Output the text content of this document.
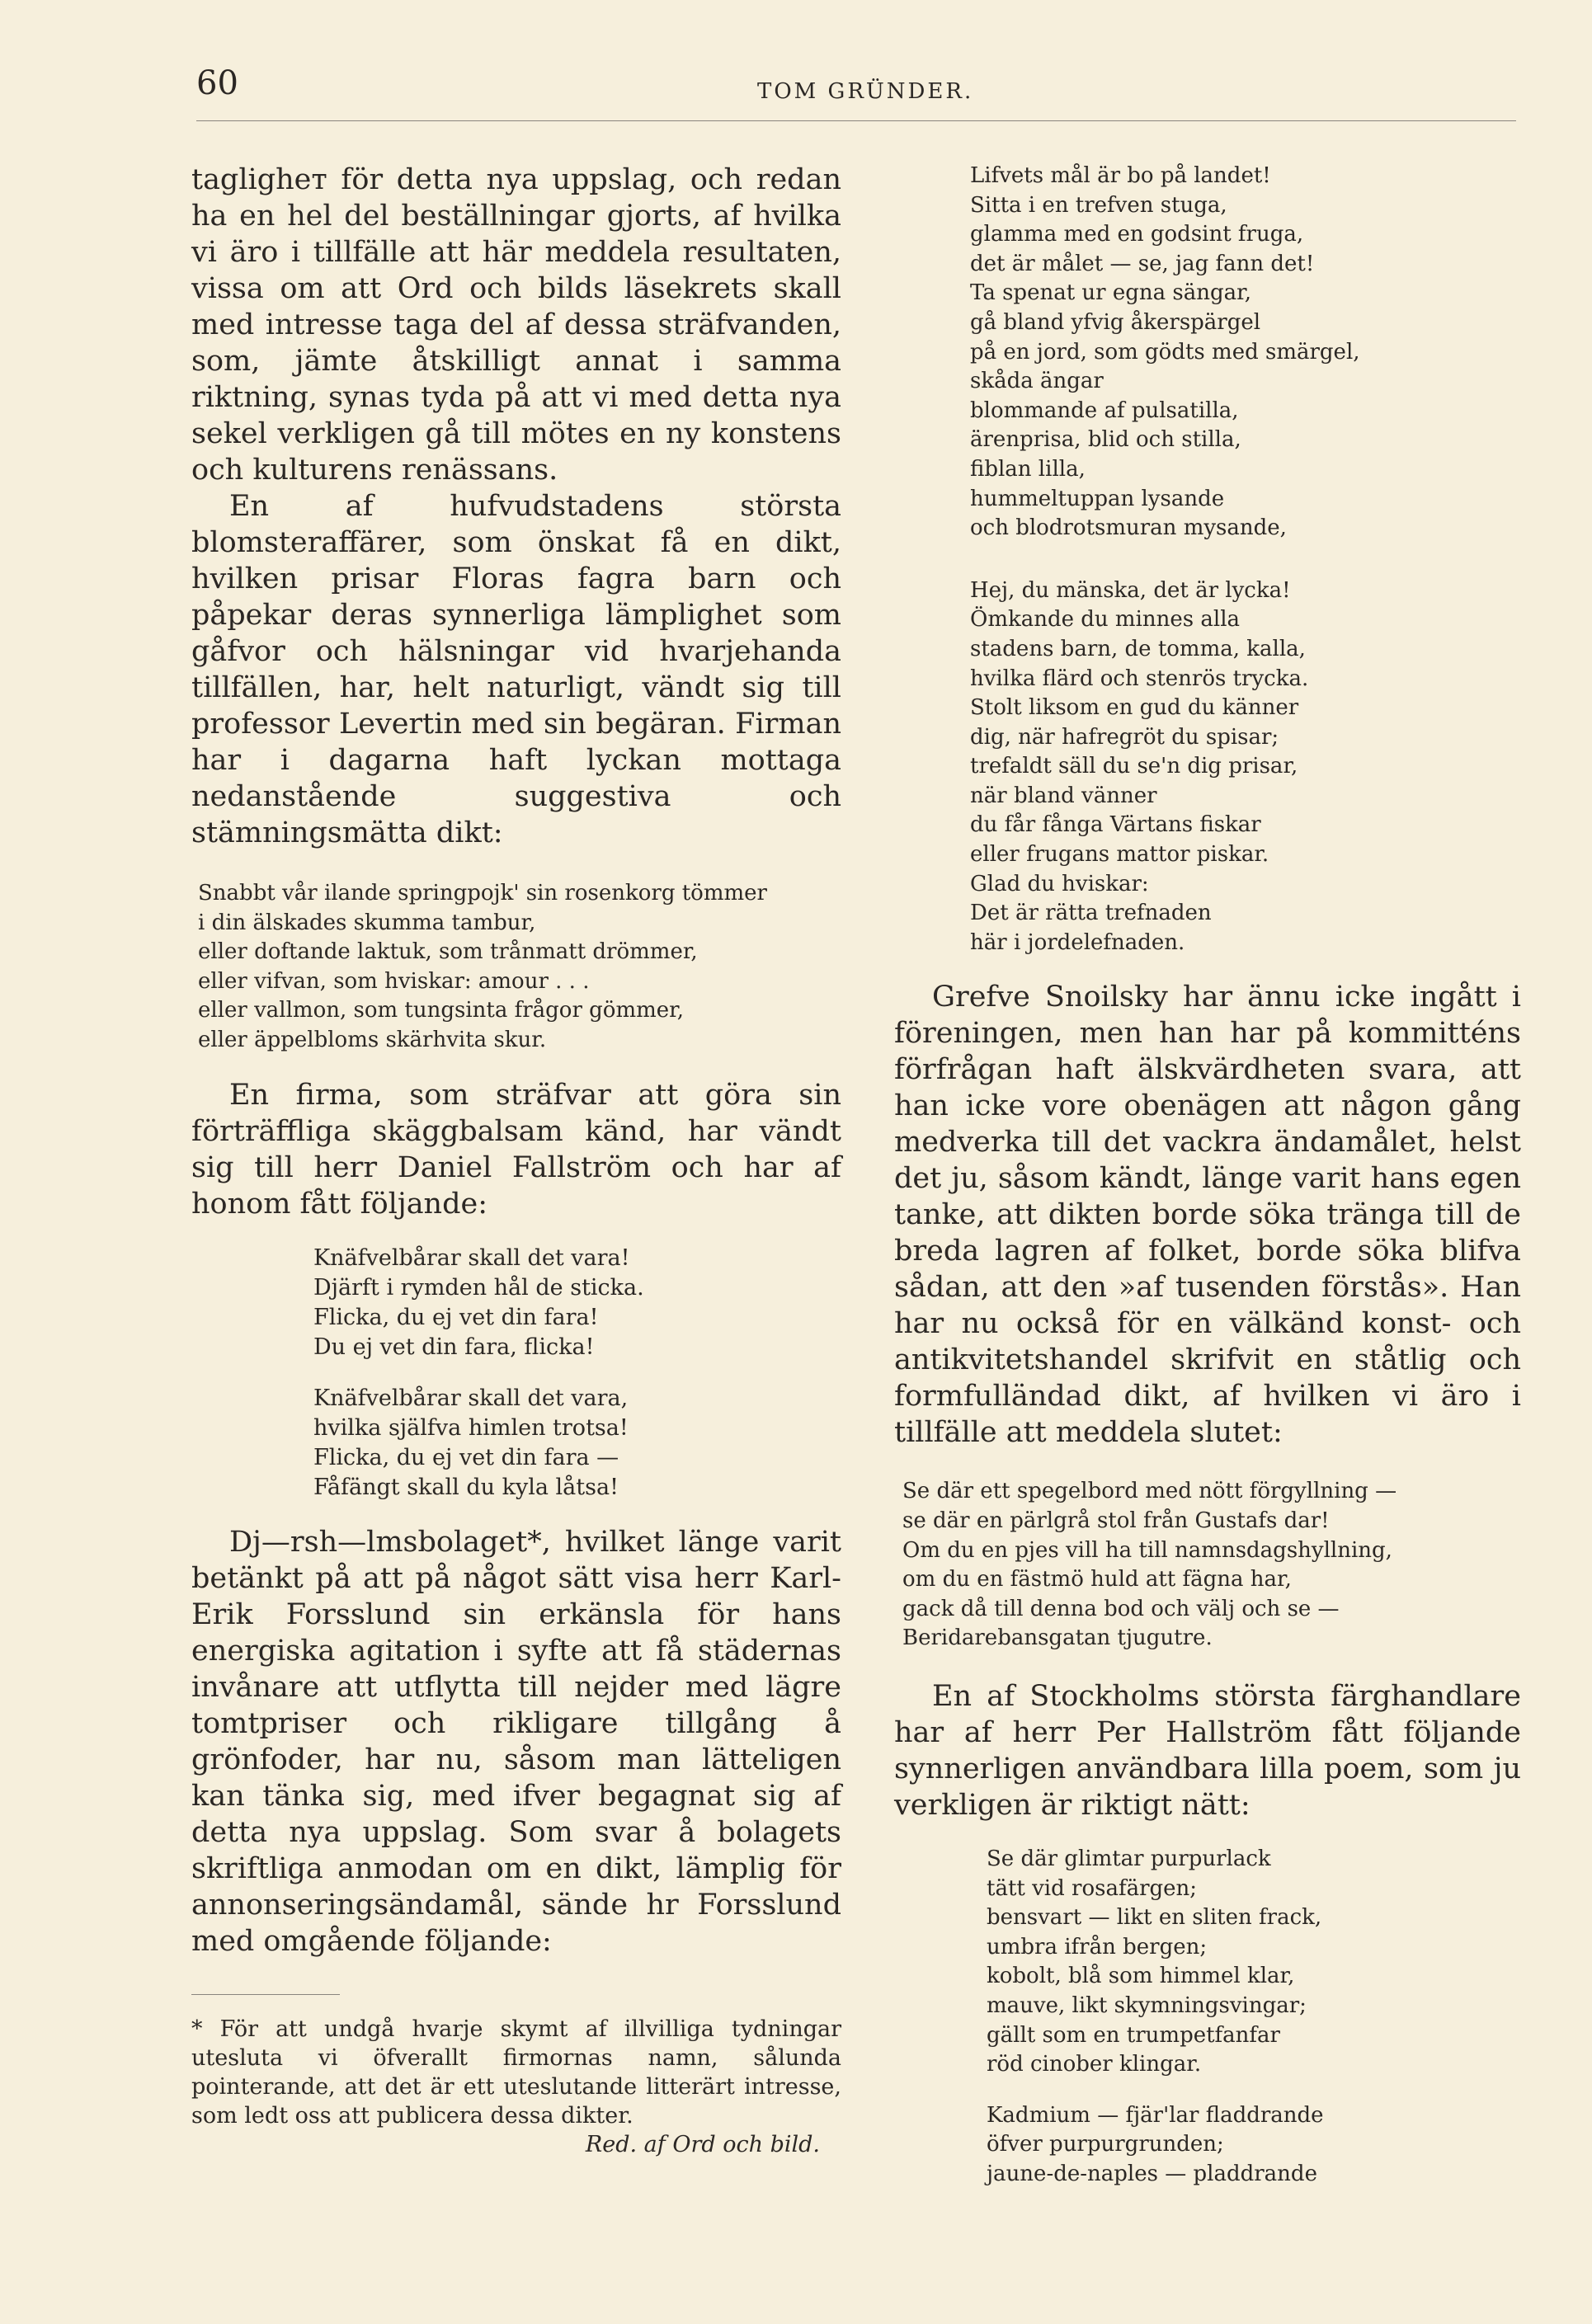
60	TOM GRÜNDER.

tagligheт för detta nya uppslag, och redan ha en hel del beställningar gjorts, af hvilka vi äro i tillfälle att här meddela resultaten, vissa om att Ord och bilds läsekrets skall med intresse taga del af dessa sträfvanden, som, jämte åtskilligt annat i samma riktning, synas tyda på att vi med detta nya sekel verkligen gå till mötes en ny konstens och kulturens renässans.

En af hufvudstadens största blomsteraffärer, som önskat få en dikt, hvilken prisar Floras fagra barn och påpekar deras synnerliga lämplighet som gåfvor och hälsningar vid hvarjehanda tillfällen, har, helt naturligt, vändt sig till professor Levertin med sin begäran. Firman har i dagarna haft lyckan mottaga nedanstående suggestiva och stämningsmätta dikt:

Snabbt vår ilande springpojk' sin rosenkorg tömmer
i din älskades skumma tambur,
eller doftande laktuk, som trånmatt drömmer,
eller vifvan, som hviskar: amour . . .
eller vallmon, som tungsinta frågor gömmer,
eller äppelbloms skärhvita skur.

En firma, som sträfvar att göra sin förträffliga skäggbalsam känd, har vändt sig till herr Daniel Fallström och har af honom fått följande:

Knäfvelbårar skall det vara!
Djärft i rymden hål de sticka.
Flicka, du ej vet din fara!
Du ej vet din fara, flicka!
Knäfvelbårar skall det vara,
hvilka själfva himlen trotsa!
Flicka, du ej vet din fara —
Fåfängt skall du kyla låtsa!

Dj—rsh—lmsbolaget*, hvilket länge varit betänkt på att på något sätt visa herr Karl-Erik Forsslund sin erkänsla för hans energiska agitation i syfte att få städernas invånare att utflytta till nejder med lägre tomtpriser och rikligare tillgång å grönfoder, har nu, såsom man lätteligen kan tänka sig, med ifver begagnat sig af detta nya uppslag. Som svar å bolagets skriftliga anmodan om en dikt, lämplig för annonseringsändamål, sände hr Forsslund med omgående följande:

* För att undgå hvarje skymt af illvilliga tydningar utesluta vi öfverallt firmornas namn, sålunda pointerande, att det är ett uteslutande litterärt intresse, som ledt oss att publicera dessa dikter.

Red. af Ord och bild.

Lifvets mål är bo på landet!
Sitta i en trefven stuga,
glamma med en godsint fruga,
det är målet — se, jag fann det!
Ta spenat ur egna sängar,
gå bland yfvig åkerspärgel
på en jord, som gödts med smärgel,
skåda ängar
blommande af pulsatilla,
ärenprisa, blid och stilla,
fiblan lilla,
hummeltuppan lysande
och blodrotsmuran mysande,
Hej, du mänska, det är lycka!
Ömkande du minnes alla
stadens barn, de tomma, kalla,
hvilka flärd och stenrös trycka.
Stolt liksom en gud du känner
dig, när hafregröt du spisar;
trefaldt säll du se'n dig prisar,
när bland vänner
du får fånga Värtans fiskar
eller frugans mattor piskar.
Glad du hviskar:
Det är rätta trefnaden
här i jordelefnaden.

Grefve Snoilsky har ännu icke ingått i föreningen, men han har på kommitténs förfrågan haft älskvärdheten svara, att han icke vore obenägen att någon gång medverka till det vackra ändamålet, helst det ju, såsom kändt, länge varit hans egen tanke, att dikten borde söka tränga till de breda lagren af folket, borde söka blifva sådan, att den »af tusenden förstås». Han har nu också för en välkänd konst- och antikvitetshandel skrifvit en ståtlig och formfulländad dikt, af hvilken vi äro i tillfälle att meddela slutet:

Se där ett spegelbord med nött förgyllning —
se där en pärlgrå stol från Gustafs dar!
Om du en pjes vill ha till namnsdagshyllning,
om du en fästmö huld att fägna har,
gack då till denna bod och välj och se —
Beridarebansgatan tjugutre.

En af Stockholms största färghandlare har af herr Per Hallström fått följande synnerligen användbara lilla poem, som ju verkligen är riktigt nätt:

Se där glimtar purpurlack
tätt vid rosafärgen;
bensvart — likt en sliten frack,
umbra ifrån bergen;
kobolt, blå som himmel klar,
mauve, likt skymningsvingar;
gällt som en trumpetfanfar
röd cinober klingar.
Kadmium — fjär'lar fladdrande
öfver purpurgrunden;
jaune-de-naples — pladdrande
